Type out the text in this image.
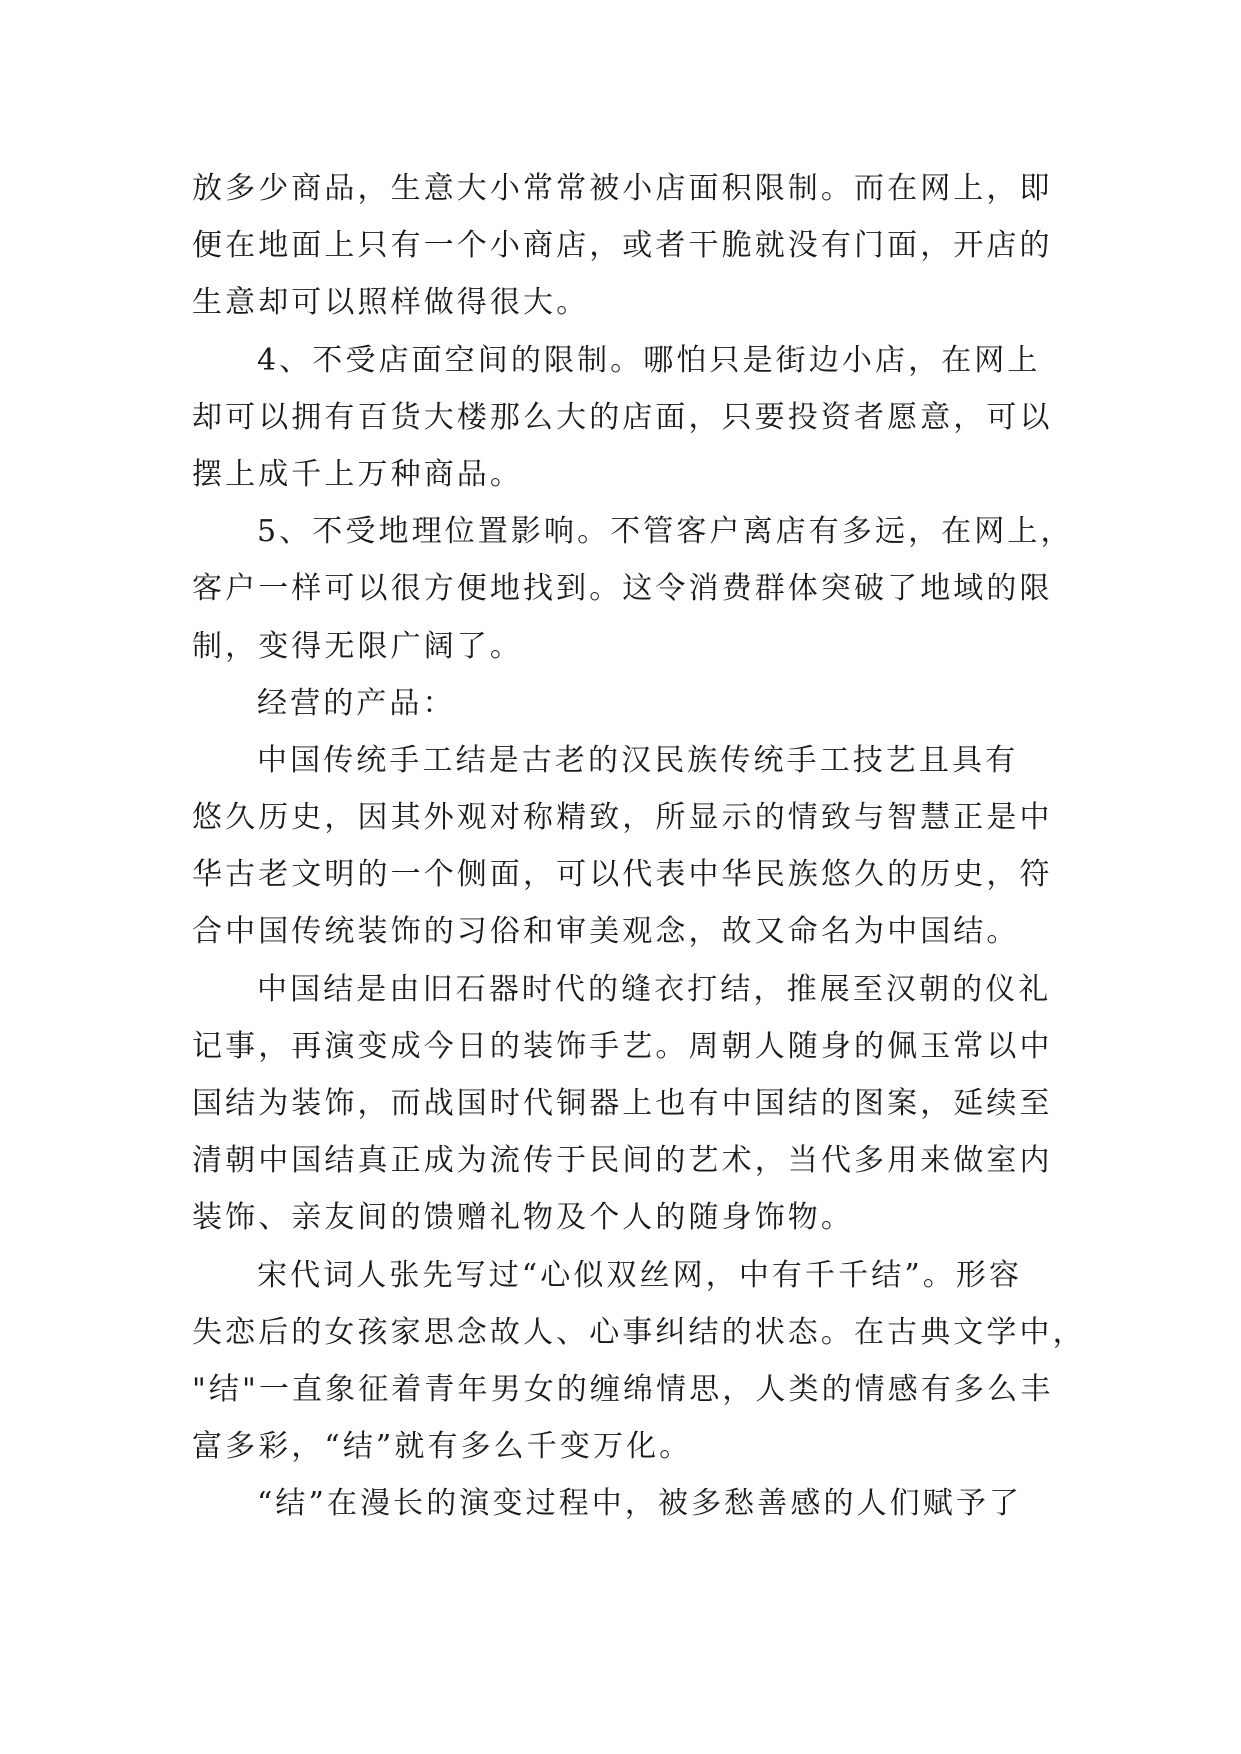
放多少商品，生意大小常常被小店面积限制。而在网上，即
便在地面上只有一个小商店，或者干脆就没有门面，开店的
生意却可以照样做得很大。
4、不受店面空间的限制。哪怕只是街边小店，在网上
却可以拥有百货大楼那么大的店面，只要投资者愿意，可以
摆上成千上万种商品。
5、不受地理位置影响。不管客户离店有多远，在网上，
客户一样可以很方便地找到。这令消费群体突破了地域的限
制，变得无限广阔了。
经营的产品：
中国传统手工结是古老的汉民族传统手工技艺且具有
悠久历史，因其外观对称精致，所显示的情致与智慧正是中
华古老文明的一个侧面，可以代表中华民族悠久的历史，符
合中国传统装饰的习俗和审美观念，故又命名为中国结。
中国结是由旧石器时代的缝衣打结，推展至汉朝的仪礼
记事，再演变成今日的装饰手艺。周朝人随身的佩玉常以中
国结为装饰，而战国时代铜器上也有中国结的图案，延续至
清朝中国结真正成为流传于民间的艺术，当代多用来做室内
装饰、亲友间的馈赠礼物及个人的随身饰物。
宋代词人张先写过“心似双丝网，中有千千结”。形容
失恋后的女孩家思念故人、心事纠结的状态。在古典文学中，
"结"一直象征着青年男女的缠绵情思，人类的情感有多么丰
富多彩，“结”就有多么千变万化。
“结”在漫长的演变过程中，被多愁善感的人们赋予了
